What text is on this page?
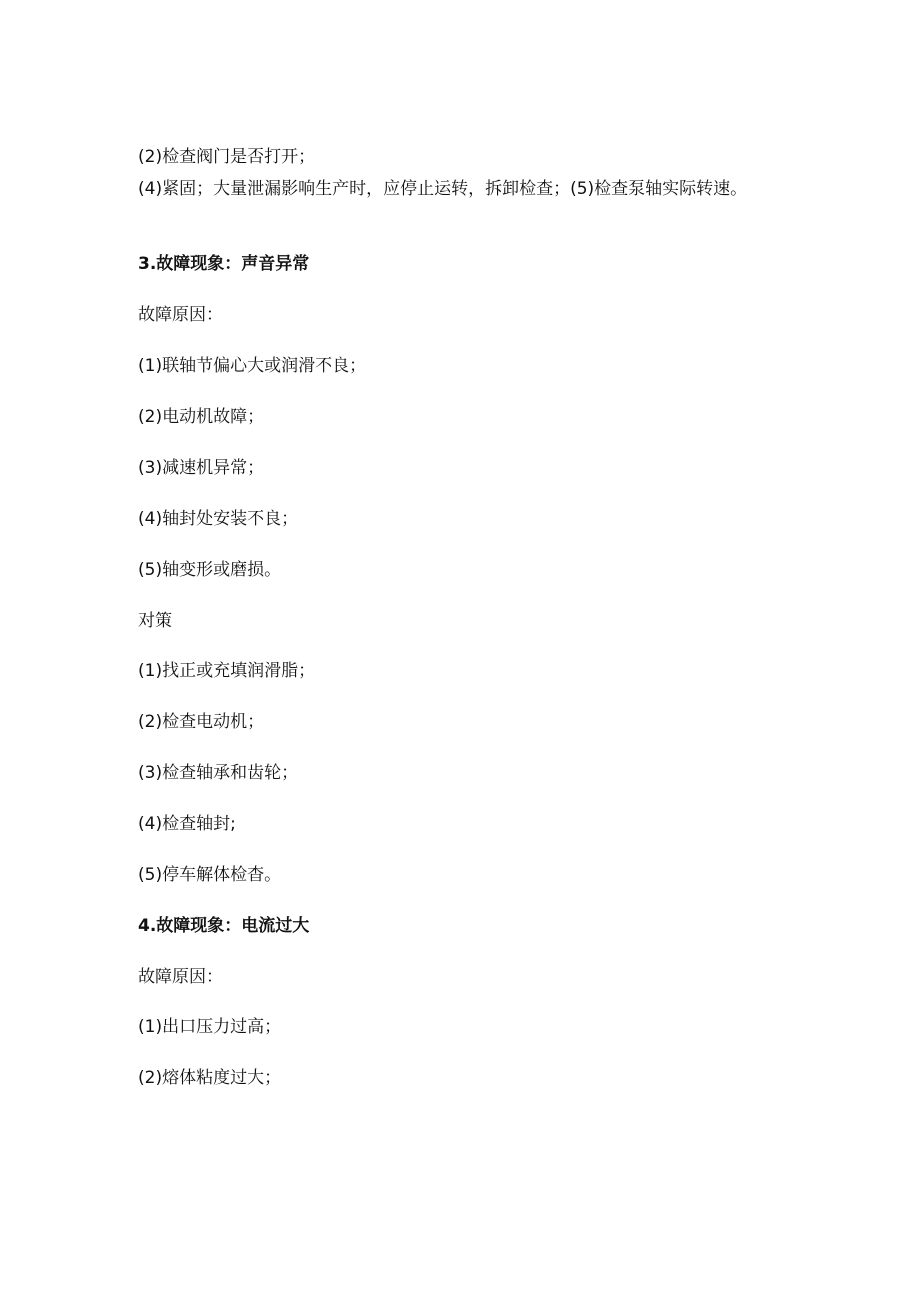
(2)检查阀门是否打开；
(4)紧固；大量泄漏影响生产时，应停止运转，拆卸检查；(5)检查泵轴实际转速。
3.故障现象：声音异常
故障原因：
(1)联轴节偏心大或润滑不良；
(2)电动机故障；
(3)减速机异常；
(4)轴封处安装不良；
(5)轴变形或磨损。
对策
(1)找正或充填润滑脂；
(2)检查电动机；
(3)检查轴承和齿轮；
(4)检查轴封;
(5)停车解体检杳。
4.故障现象：电流过大
故障原因：
(1)出口压力过高；
(2)熔体粘度过大；
